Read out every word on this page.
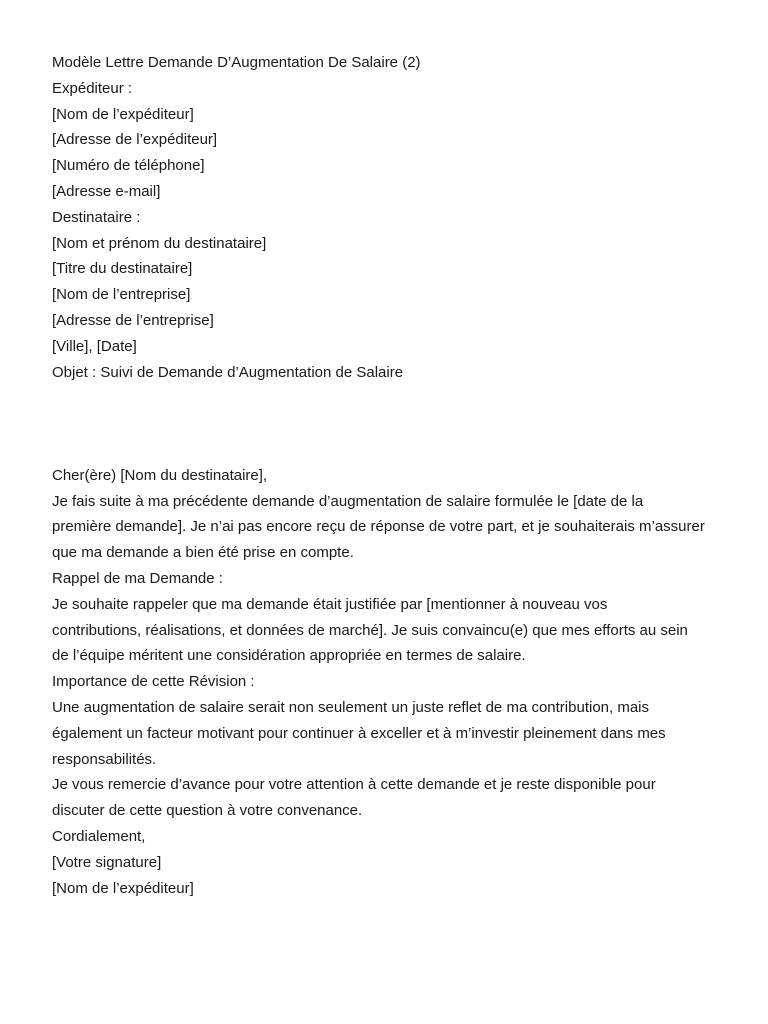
Modèle Lettre Demande D’Augmentation De Salaire (2)
Expéditeur :
[Nom de l’expéditeur]
[Adresse de l’expéditeur]
[Numéro de téléphone]
[Adresse e-mail]
Destinataire :
[Nom et prénom du destinataire]
[Titre du destinataire]
[Nom de l’entreprise]
[Adresse de l’entreprise]
[Ville], [Date]
Objet : Suivi de Demande d’Augmentation de Salaire
Cher(ère) [Nom du destinataire],
Je fais suite à ma précédente demande d’augmentation de salaire formulée le [date de la
première demande]. Je n’ai pas encore reçu de réponse de votre part, et je souhaiterais m’assurer
que ma demande a bien été prise en compte.
Rappel de ma Demande :
Je souhaite rappeler que ma demande était justifiée par [mentionner à nouveau vos
contributions, réalisations, et données de marché]. Je suis convaincu(e) que mes efforts au sein
de l’équipe méritent une considération appropriée en termes de salaire.
Importance de cette Révision :
Une augmentation de salaire serait non seulement un juste reflet de ma contribution, mais
également un facteur motivant pour continuer à exceller et à m’investir pleinement dans mes
responsabilités.
Je vous remercie d’avance pour votre attention à cette demande et je reste disponible pour
discuter de cette question à votre convenance.
Cordialement,
[Votre signature]
[Nom de l’expéditeur]
